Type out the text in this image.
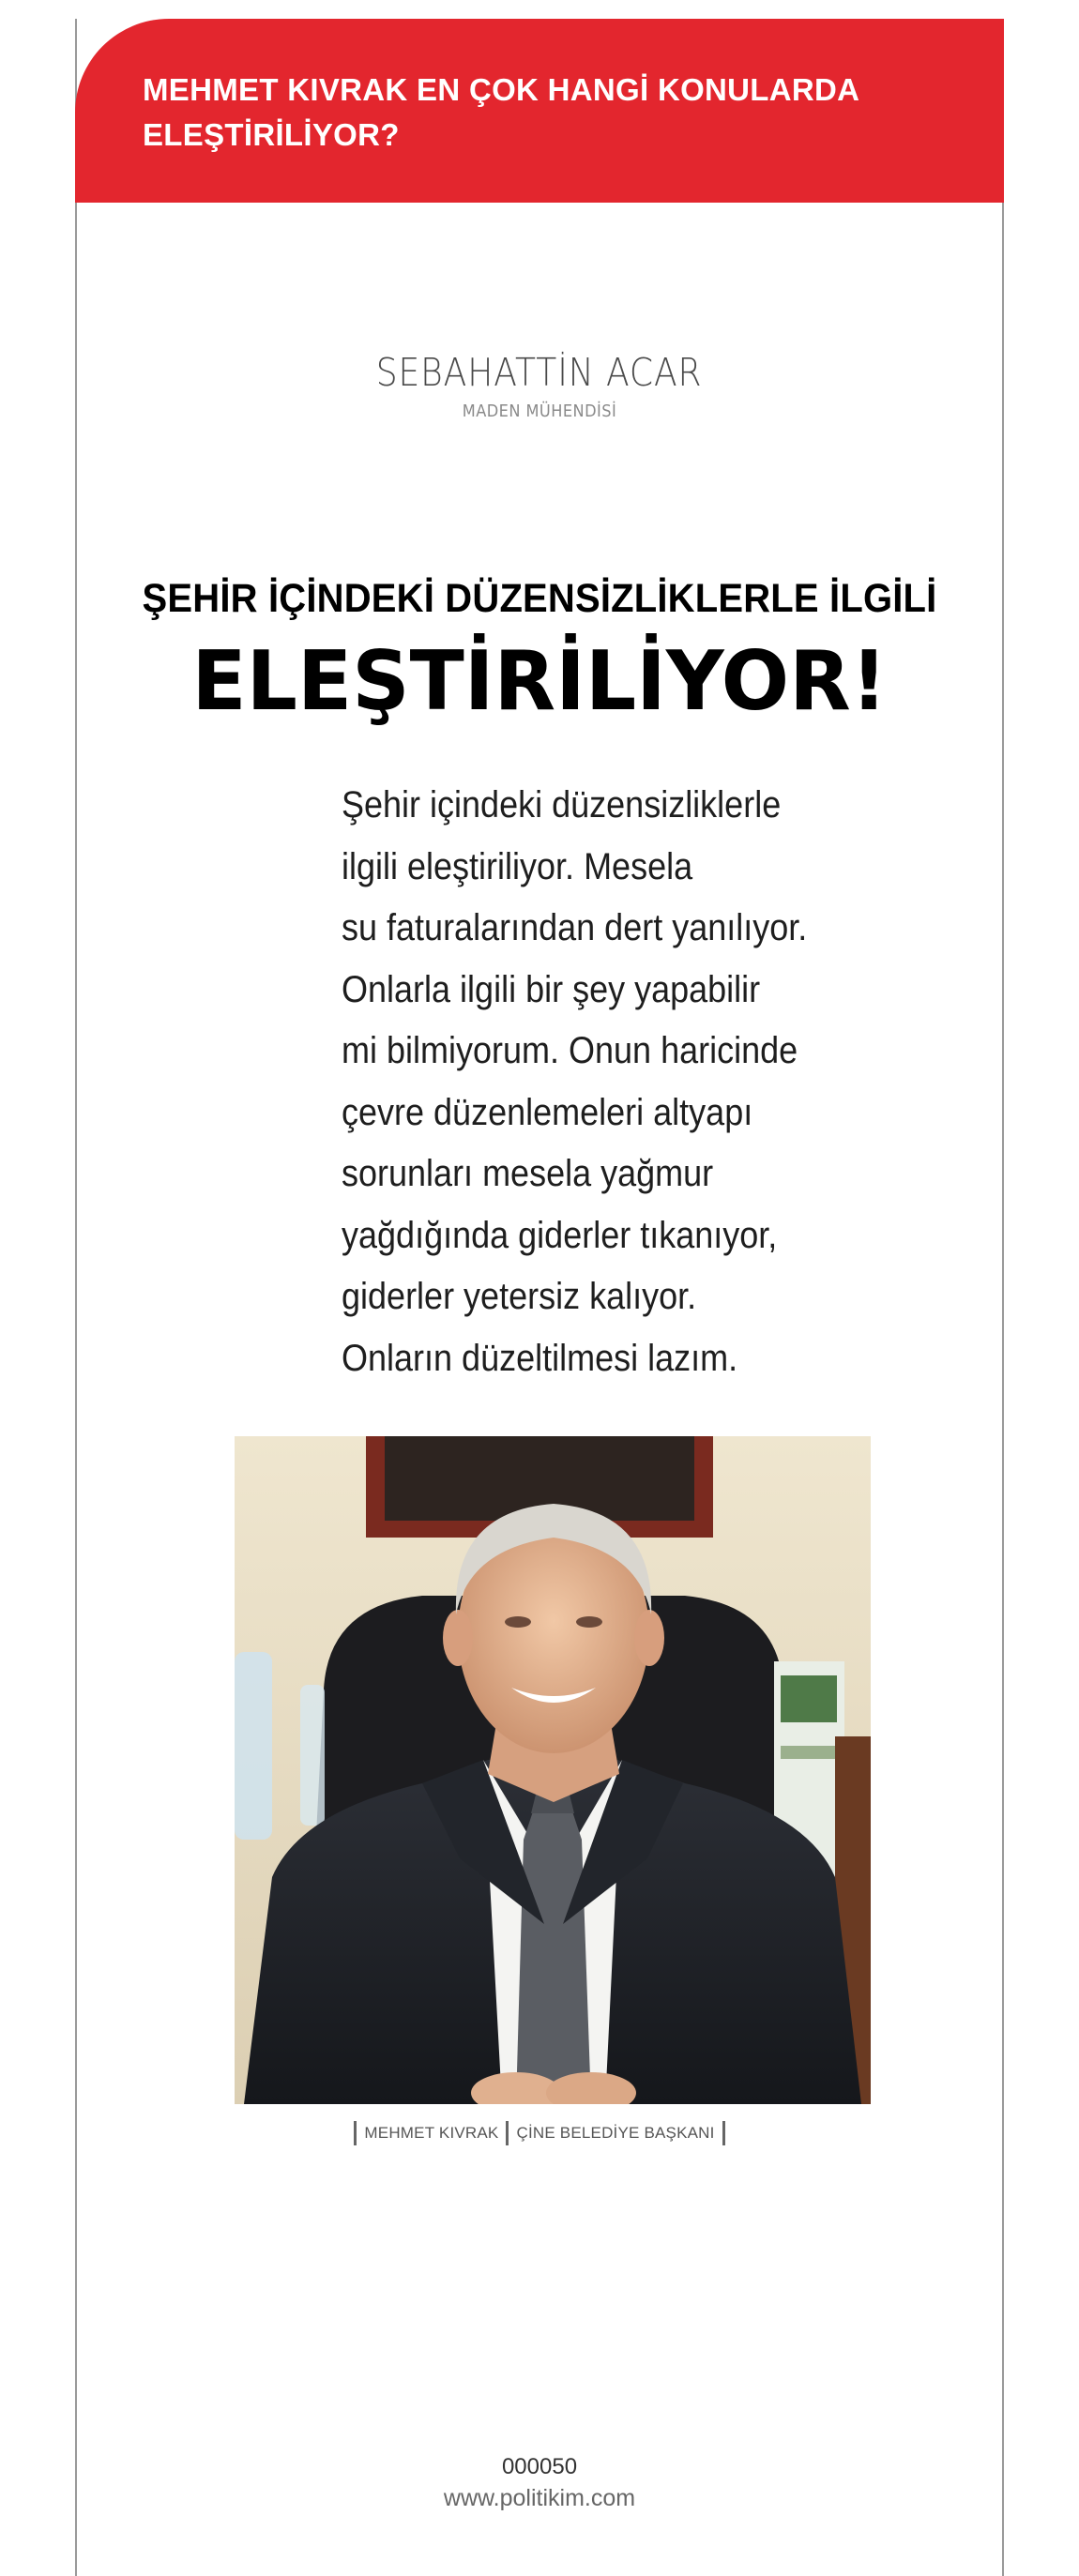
MEHMET KIVRAK EN ÇOK HANGİ KONULARDA ELEŞTİRİLİYOR?
SEBAHATTİN ACAR
MADEN MÜHENDİSİ
ŞEHİR İÇİNDEKİ DÜZENSİZLİKLERLE İLGİLİ
ELEŞTİRİLİYOR!
Şehir içindeki düzensizliklerle
ilgili eleştiriliyor. Mesela
su faturalarından dert yanılıyor.
Onlarla ilgili bir şey yapabilir
mi bilmiyorum. Onun haricinde
çevre düzenlemeleri altyapı
sorunları mesela yağmur
yağdığında giderler tıkanıyor,
giderler yetersiz kalıyor.
Onların düzeltilmesi lazım.
MEHMET KIVRAK ÇİNE BELEDİYE BAŞKANI
000050
www.politikim.com
